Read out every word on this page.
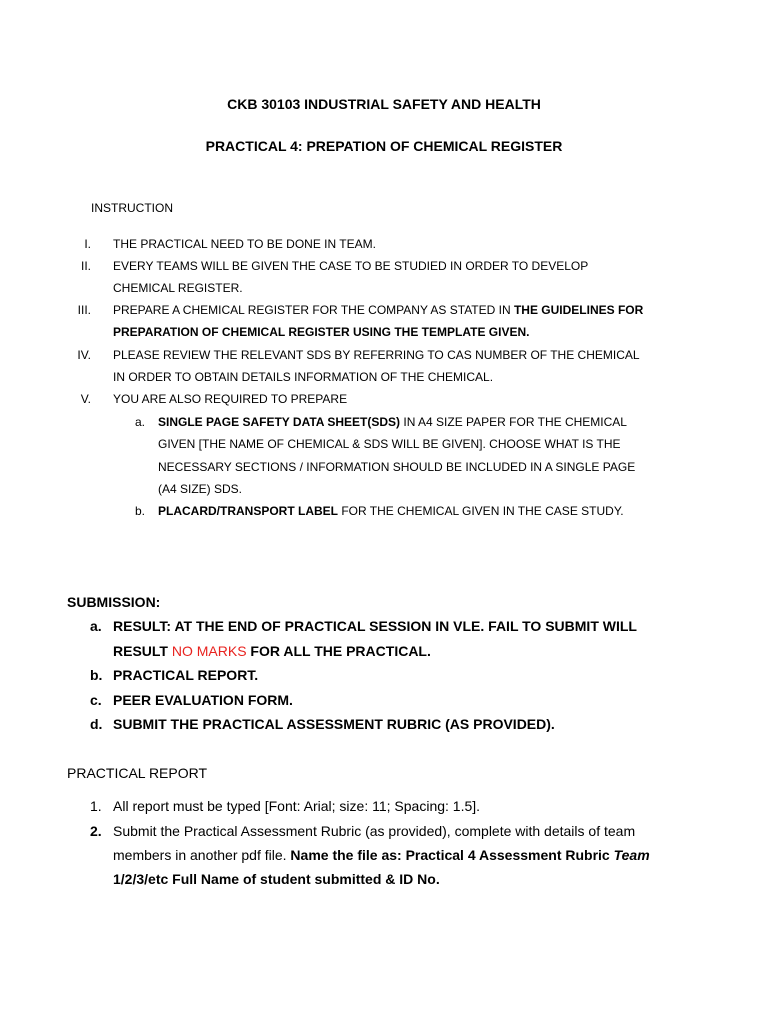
CKB 30103 INDUSTRIAL SAFETY AND HEALTH
PRACTICAL 4: PREPATION OF CHEMICAL REGISTER
INSTRUCTION
I. THE PRACTICAL NEED TO BE DONE IN TEAM.
II. EVERY TEAMS WILL BE GIVEN THE CASE TO BE STUDIED IN ORDER TO DEVELOP
CHEMICAL REGISTER.
III. PREPARE A CHEMICAL REGISTER FOR THE COMPANY AS STATED IN THE GUIDELINES FOR
PREPARATION OF CHEMICAL REGISTER USING THE TEMPLATE GIVEN.
IV. PLEASE REVIEW THE RELEVANT SDS BY REFERRING TO CAS NUMBER OF THE CHEMICAL
IN ORDER TO OBTAIN DETAILS INFORMATION OF THE CHEMICAL.
V. YOU ARE ALSO REQUIRED TO PREPARE
a. SINGLE PAGE SAFETY DATA SHEET(SDS) IN A4 SIZE PAPER FOR THE CHEMICAL
GIVEN [THE NAME OF CHEMICAL & SDS WILL BE GIVEN]. CHOOSE WHAT IS THE
NECESSARY SECTIONS / INFORMATION SHOULD BE INCLUDED IN A SINGLE PAGE
(A4 SIZE) SDS.
b. PLACARD/TRANSPORT LABEL FOR THE CHEMICAL GIVEN IN THE CASE STUDY.
SUBMISSION:
a. RESULT: AT THE END OF PRACTICAL SESSION IN VLE. FAIL TO SUBMIT WILL
RESULT NO MARKS FOR ALL THE PRACTICAL.
b. PRACTICAL REPORT.
c. PEER EVALUATION FORM.
d. SUBMIT THE PRACTICAL ASSESSMENT RUBRIC (AS PROVIDED).
PRACTICAL REPORT
1. All report must be typed [Font: Arial; size: 11; Spacing: 1.5].
2. Submit the Practical Assessment Rubric (as provided), complete with details of team
members in another pdf file. Name the file as: Practical 4 Assessment Rubric Team
1/2/3/etc Full Name of student submitted & ID No.
